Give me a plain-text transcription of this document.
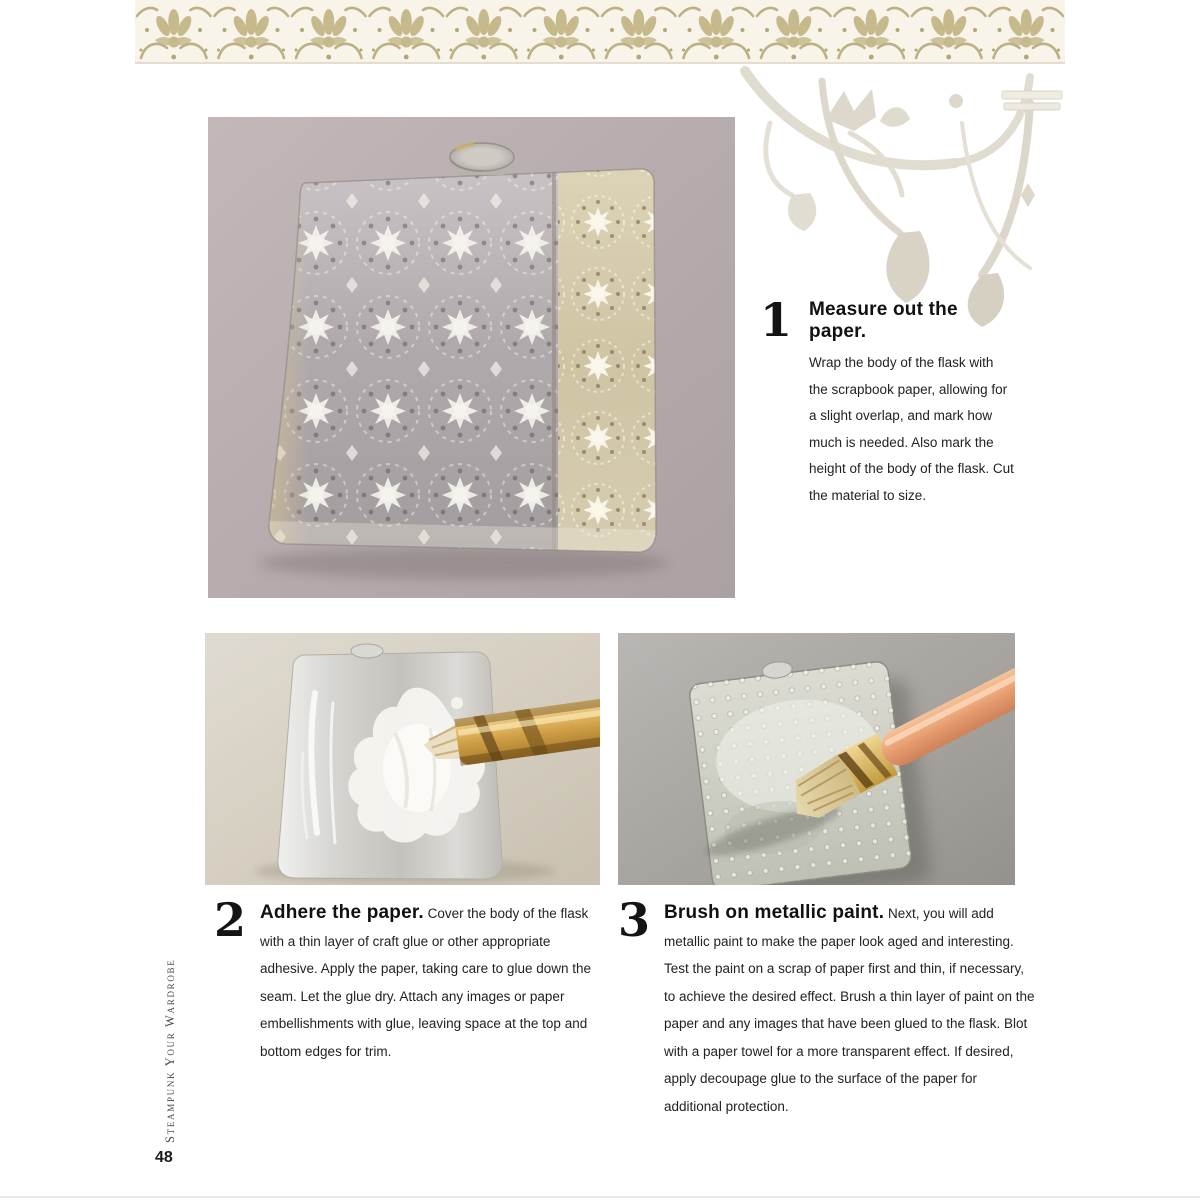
1 Measure out the paper.

Wrap the body of the flask with the scrapbook paper, allowing for a slight overlap, and mark how much is needed. Also mark the height of the body of the flask. Cut the material to size.

2 Adhere the paper. Cover the body of the flask with a thin layer of craft glue or other appropriate adhesive. Apply the paper, taking care to glue down the seam. Let the glue dry. Attach any images or paper embellishments with glue, leaving space at the top and bottom edges for trim.

3 Brush on metallic paint. Next, you will add metallic paint to make the paper look aged and interesting. Test the paint on a scrap of paper first and thin, if necessary, to achieve the desired effect. Brush a thin layer of paint on the paper and any images that have been glued to the flask. Blot with a paper towel for a more transparent effect. If desired, apply decoupage glue to the surface of the paper for additional protection.

Steampunk Your Wardrobe
48
